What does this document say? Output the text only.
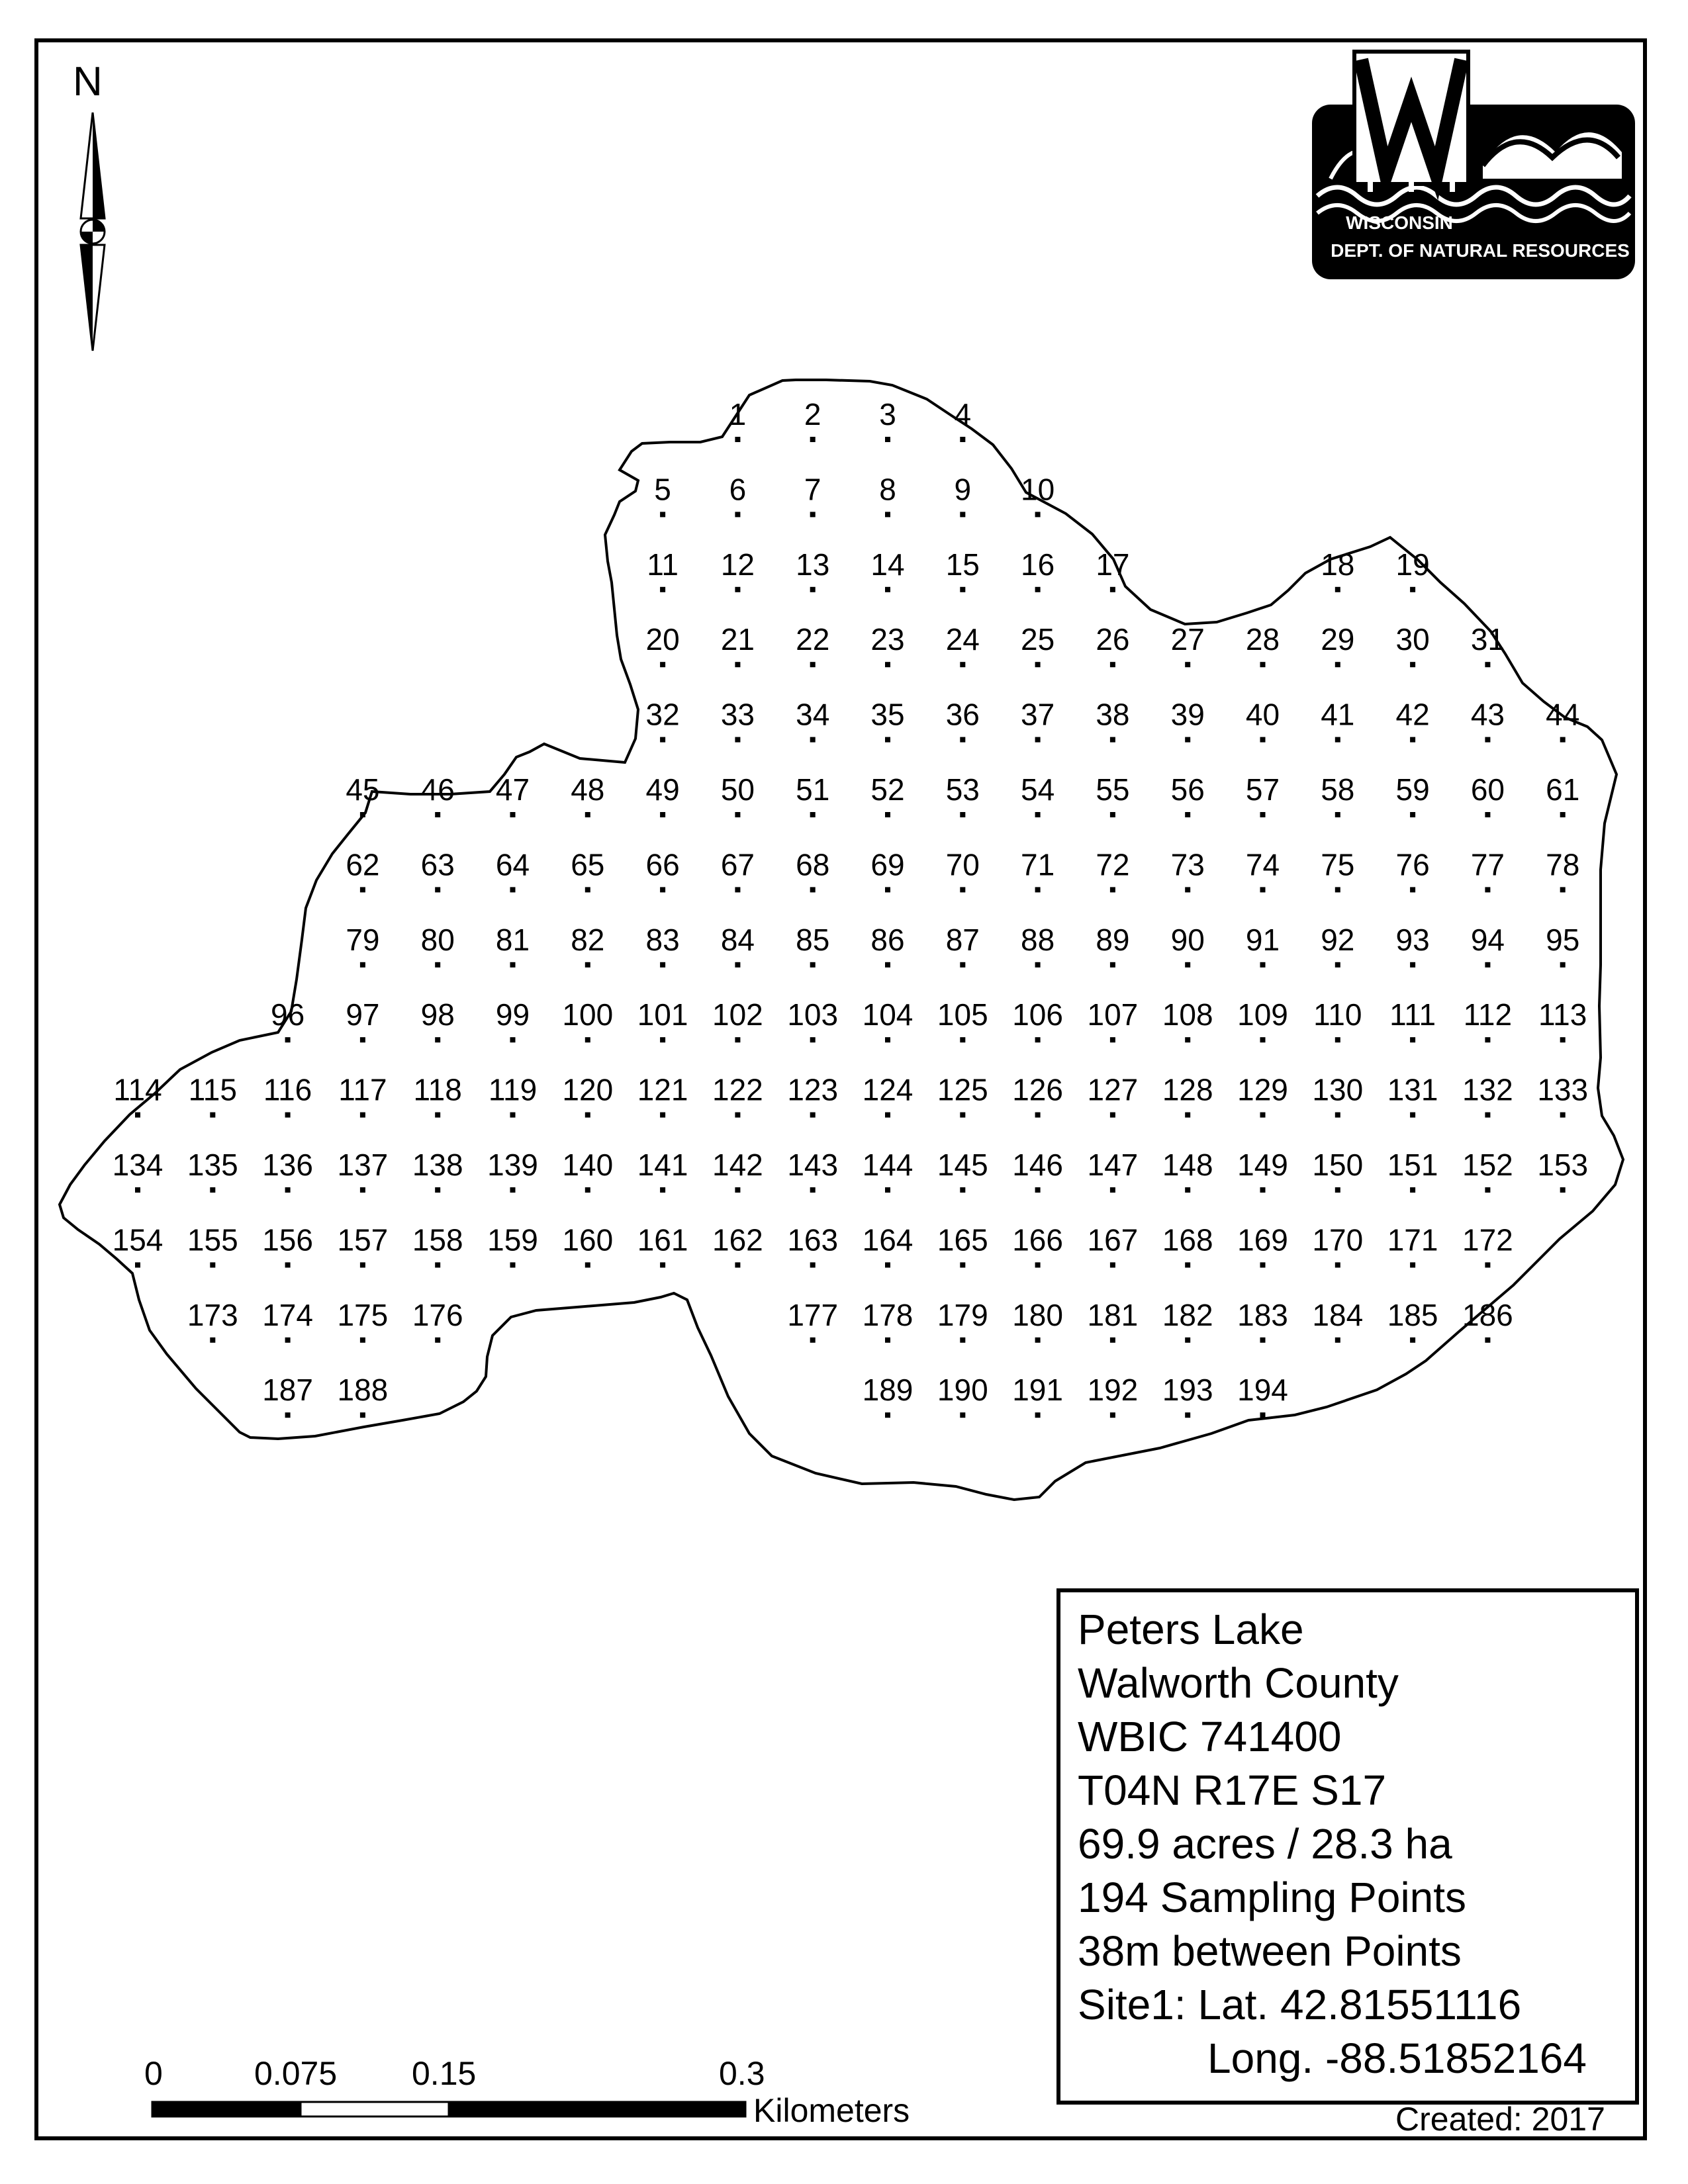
1 2 3 4
5 6 7 8 9 10
11 12 13 14 15 16 17	18 19
20 21 22 23 24 25 26 27 28 29 30 31
32 33 34 35 36 37 38 39 40 41 42 43 44
45 46 47 48 49 50 51 52 53 54 55 56 57 58 59 60 61
62 63 64 65 66 67 68 69 70 71 72 73 74 75 76 77 78
79 80 81 82 83 84 85 86 87 88 89 90 91 92 93 94 95
96 97 98 99 100 101 102 103 104 105 106 107 108 109 110 111 112 113
114 115 116 117 118 119 120 121 122 123 124 125 126 127 128 129 130 131 132 133
134 135 136 137 138 139 140 141 142 143 144 145 146 147 148 149 150 151 152 153
154 155 156 157 158 159 160 161 162 163 164 165 166 167 168 169 170 171 172
173 174 175 176	177 178 179 180 181 182 183 184 185 186
187 188	189 190 191 192 193 194
WISCONSIN
DEPT. OF NATURAL RESOURCES
N
0	0.075 0.15	0.3
Kilometers
Peters Lake
Walworth County
WBIC 741400
T04N R17E S17
69.9 acres / 28.3 ha
194 Sampling Points
38m between Points
Site1: Lat. 42.81551116
Long. -88.51852164
Created: 2017
